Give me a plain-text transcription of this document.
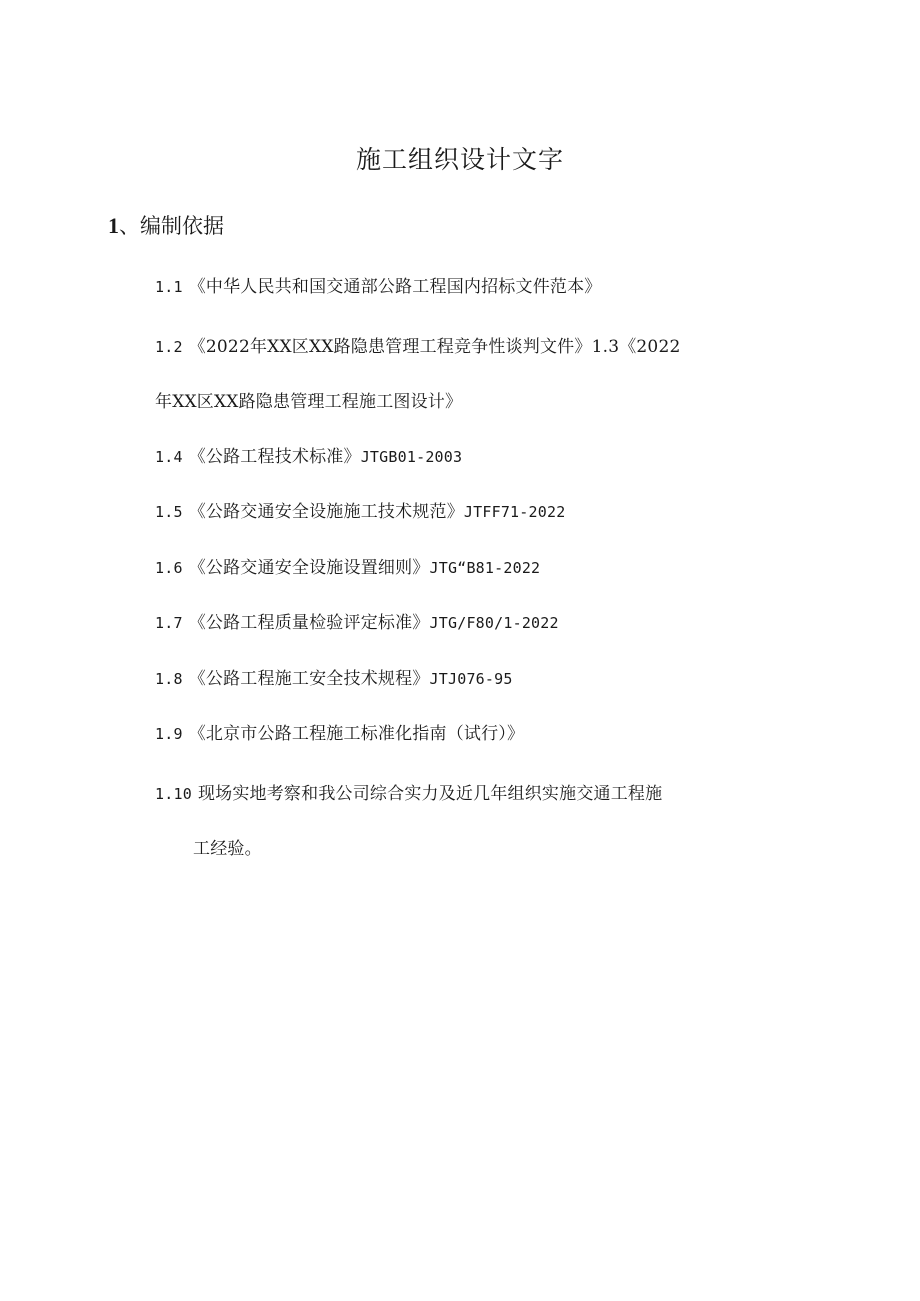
施工组织设计文字
1、编制依据

1.1 《中华人民共和国交通部公路工程国内招标文件范本》

1.2 《2022年XX区XX路隐患管理工程竞争性谈判文件》1.3《2022

年XX区XX路隐患管理工程施工图设计》

1.4 《公路工程技术标准》JTGB01-2003

1.5 《公路交通安全设施施工技术规范》JTFF71-2022

1.6 《公路交通安全设施设置细则》JTG“B81-2022

1.7 《公路工程质量检验评定标准》JTG/F80/1-2022

1.8 《公路工程施工安全技术规程》JTJ076-95

1.9 《北京市公路工程施工标准化指南（试行）》

1.10 现场实地考察和我公司综合实力及近几年组织实施交通工程施

工经验。
